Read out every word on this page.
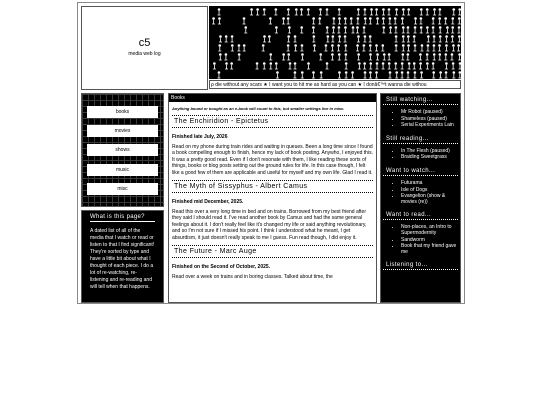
c5
media web log
ρ die without any scars ★ I want you to hit me as hard as you can ★ I donâ€™t wanna die withou
books
movies
shows
music
misc
What is this page?
A dated list of all of the media that I watch or read or listen to that I find significant! They're sorted by type and have a little bit about what I thought of each piece. I do a lot of re-watching, re-listening and re-reading and will tell when that happens.
Books
Anything bound or bought as an e-book will count to this, but smaller writings live in misc.
The Enchiridion - Epictetus
Finished late July, 2026
Read on my phone during train rides and waiting in queues. Been a long time since I found a book compelling enough to finish, hence my lack of book posting. Anywho, I enjoyed this. It was a pretty good read. Even if I don't resonate with them, I like reading these sorts of things, books or blog posts setting out the ground rules for life. In this case though, I felt like a good few of them are applicable and useful for myself and my own life. Glad I read it.
The Myth of Sissyphus - Albert Camus
Finished mid December, 2025.
Read this over a very long time in bed and on trains. Borrowed from my best friend after they said I should read it. I've read another book by Camus and had the same general feelings about it. I don't really feel like it's changed my life or said anything revolutionary, and so I'm not sure if I missed his point. I think I understood what he meant, I get absurdism, it just doesn't really speak to me I guess. Fun read though, I did enjoy it.
The Future - Marc Auge
Finished on the Second of October, 2025.
Read over a week on trains and in boring classes. Talked about time, the
Still watching...
• Mr Robot (paused)
• Shameless (paused)
• Serial Experiments Lain
Still reading...
• In The Flesh (paused)
• Braiding Sweetgrass
Want to watch...
• Futurama
• Isle of Dogs
• Evangelion (show & movies (re))
Want to read...
• Non-places, an Intro to Supermodernity
• Sandworm
• Book that my friend gave me
Listening to...
